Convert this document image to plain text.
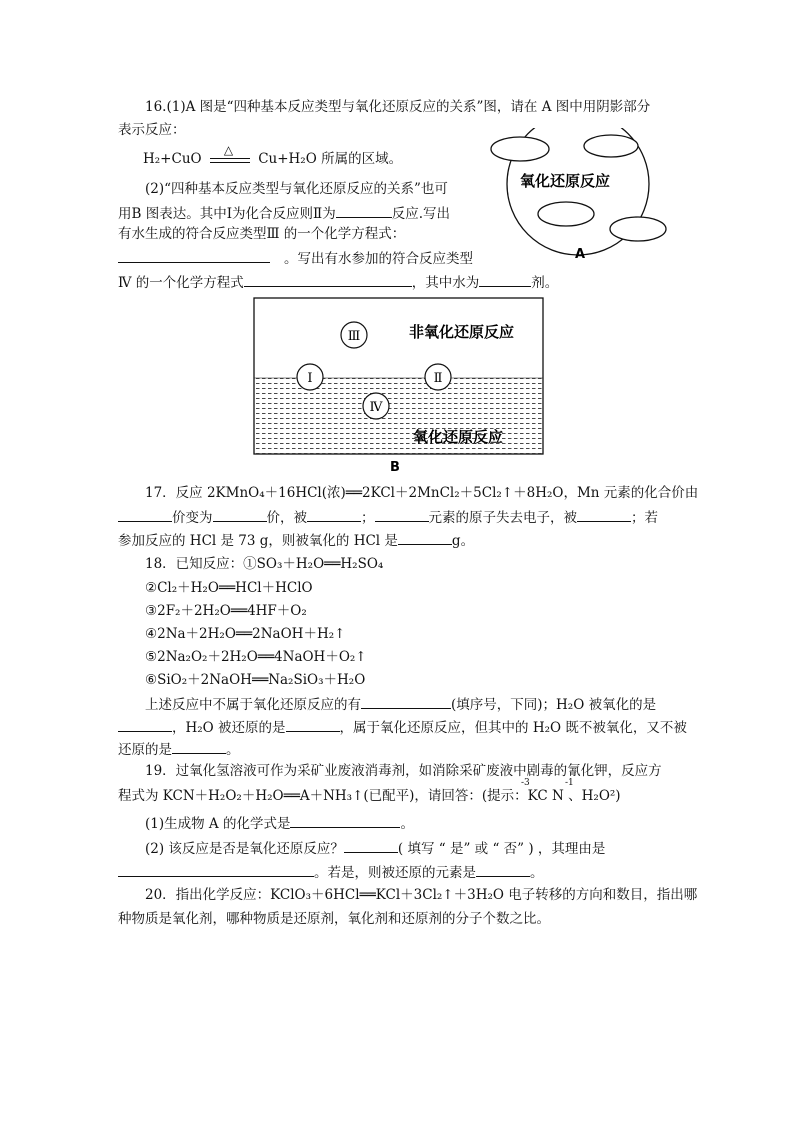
16.(1)A 图是“四种基本反应类型与氧化还原反应的关系”图，请在 A 图中用阴影部分
表示反应：
H₂+CuO
△
Cu+H₂O 所属的区域。
(2)“四种基本反应类型与氧化还原反应的关系”也可
用B 图表达。其中Ⅰ为化合反应则Ⅱ为	反应.写出
有水生成的符合反应类型Ⅲ 的一个化学方程式：
。写出有水参加的符合反应类型
Ⅳ 的一个化学方程式	，其中水为	剂。
氧化还原反应
A
非氧化还原反应
氧化还原反应
Ⅲ
Ⅰ	Ⅱ
Ⅳ
B
17．反应 2KMnO₄＋16HCl(浓)══2KCl＋2MnCl₂＋5Cl₂↑＋8H₂O，Mn 元素的化合价由
价变为	价，被	；	元素的原子失去电子，被	；若
参加反应的 HCl 是 73 g，则被氧化的 HCl 是	g。
18．已知反应：①SO₃＋H₂O══H₂SO₄
②Cl₂＋H₂O══HCl＋HClO
③2F₂＋2H₂O══4HF＋O₂
④2Na＋2H₂O══2NaOH＋H₂↑
⑤2Na₂O₂＋2H₂O══4NaOH＋O₂↑
⑥SiO₂＋2NaOH══Na₂SiO₃＋H₂O
上述反应中不属于氧化还原反应的有	(填序号，下同)；H₂O 被氧化的是
，H₂O 被还原的是	，属于氧化还原反应，但其中的 H₂O 既不被氧化，又不被
还原的是	。
19．过氧化氢溶液可作为采矿业废液消毒剂，如消除采矿废液中剧毒的氰化钾，反应方
-3	-1
程式为 KCN＋H₂O₂＋H₂O══A＋NH₃↑(已配平)，请回答：(提示：KC N 、H₂O²)
(1)生成物 A 的化学式是	。
(2) 该反应是否是氧化还原反应？	( 填写 “ 是” 或 “ 否” ) ，其理由是
。若是，则被还原的元素是	。
20．指出化学反应：KClO₃＋6HCl══KCl＋3Cl₂↑＋3H₂O 电子转移的方向和数目，指出哪
种物质是氧化剂，哪种物质是还原剂，氧化剂和还原剂的分子个数之比。
